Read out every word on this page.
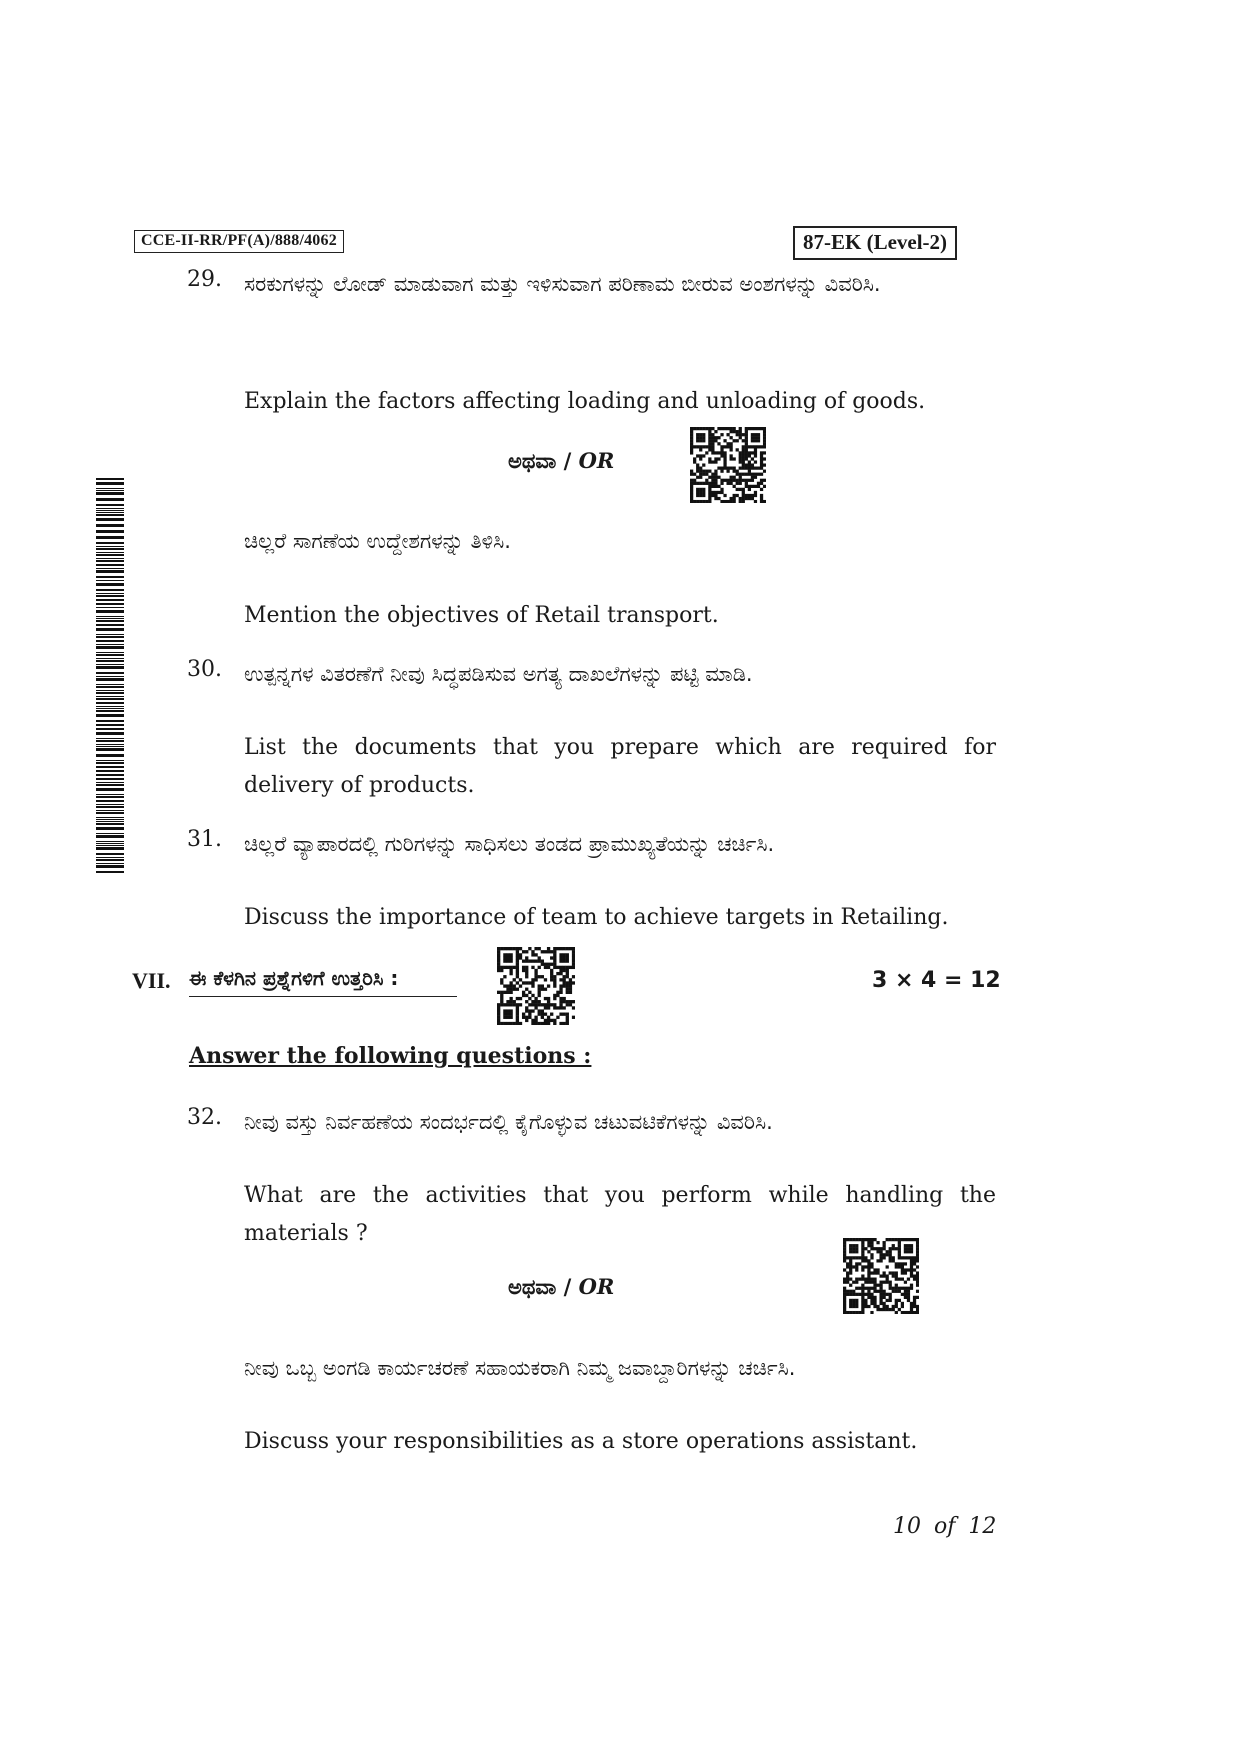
CCE-II-RR/PF(A)/888/4062	87-EK (Level-2)
29. ಸರಕುಗಳನ್ನು ಲೋಡ್ ಮಾಡುವಾಗ ಮತ್ತು ಇಳಿಸುವಾಗ ಪರಿಣಾಮ ಬೀರುವ ಅಂಶಗಳನ್ನು ವಿವರಿಸಿ.
Explain the factors affecting loading and unloading of goods.
ಅಥವಾ / OR
ಚಿಲ್ಲರೆ ಸಾಗಣೆಯ ಉದ್ದೇಶಗಳನ್ನು ತಿಳಿಸಿ.
Mention the objectives of Retail transport.
30. ಉತ್ಪನ್ನಗಳ ವಿತರಣೆಗೆ ನೀವು ಸಿದ್ಧಪಡಿಸುವ ಅಗತ್ಯ ದಾಖಲೆಗಳನ್ನು ಪಟ್ಟಿ ಮಾಡಿ.
List the documents that you prepare which are required for delivery of products.
31. ಚಿಲ್ಲರೆ ವ್ಯಾಪಾರದಲ್ಲಿ ಗುರಿಗಳನ್ನು ಸಾಧಿಸಲು ತಂಡದ ಪ್ರಾಮುಖ್ಯತೆಯನ್ನು ಚರ್ಚಿಸಿ.
Discuss the importance of team to achieve targets in Retailing.
VII. ಈ ಕೆಳಗಿನ ಪ್ರಶ್ನೆಗಳಿಗೆ ಉತ್ತರಿಸಿ :	3 × 4 = 12
Answer the following questions :
32. ನೀವು ವಸ್ತು ನಿರ್ವಹಣೆಯ ಸಂದರ್ಭದಲ್ಲಿ ಕೈಗೊಳ್ಳುವ ಚಟುವಟಿಕೆಗಳನ್ನು ವಿವರಿಸಿ.
What are the activities that you perform while handling the materials ?
ಅಥವಾ / OR
ನೀವು ಒಬ್ಬ ಅಂಗಡಿ ಕಾರ್ಯಚರಣೆ ಸಹಾಯಕರಾಗಿ ನಿಮ್ಮ ಜವಾಬ್ದಾರಿಗಳನ್ನು ಚರ್ಚಿಸಿ.
Discuss your responsibilities as a store operations assistant.
10 of 12
